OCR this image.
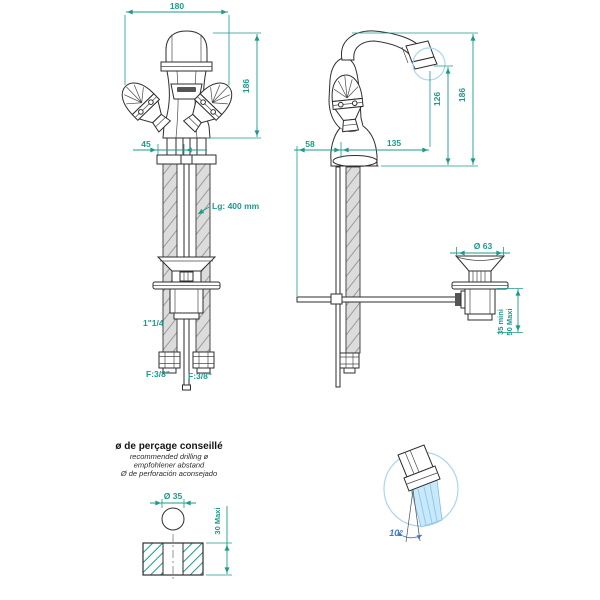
180
186
45
Lg: 400 mm
1"1/4
F:3/8" F:3/8"
58	135
126 186
Ø 63
35 mini 50 Maxi
ø de perçage conseillé
recommended drilling ø
empfohlener abstand
Ø de perforación aconsejado
Ø 35
30 Maxi	10°
